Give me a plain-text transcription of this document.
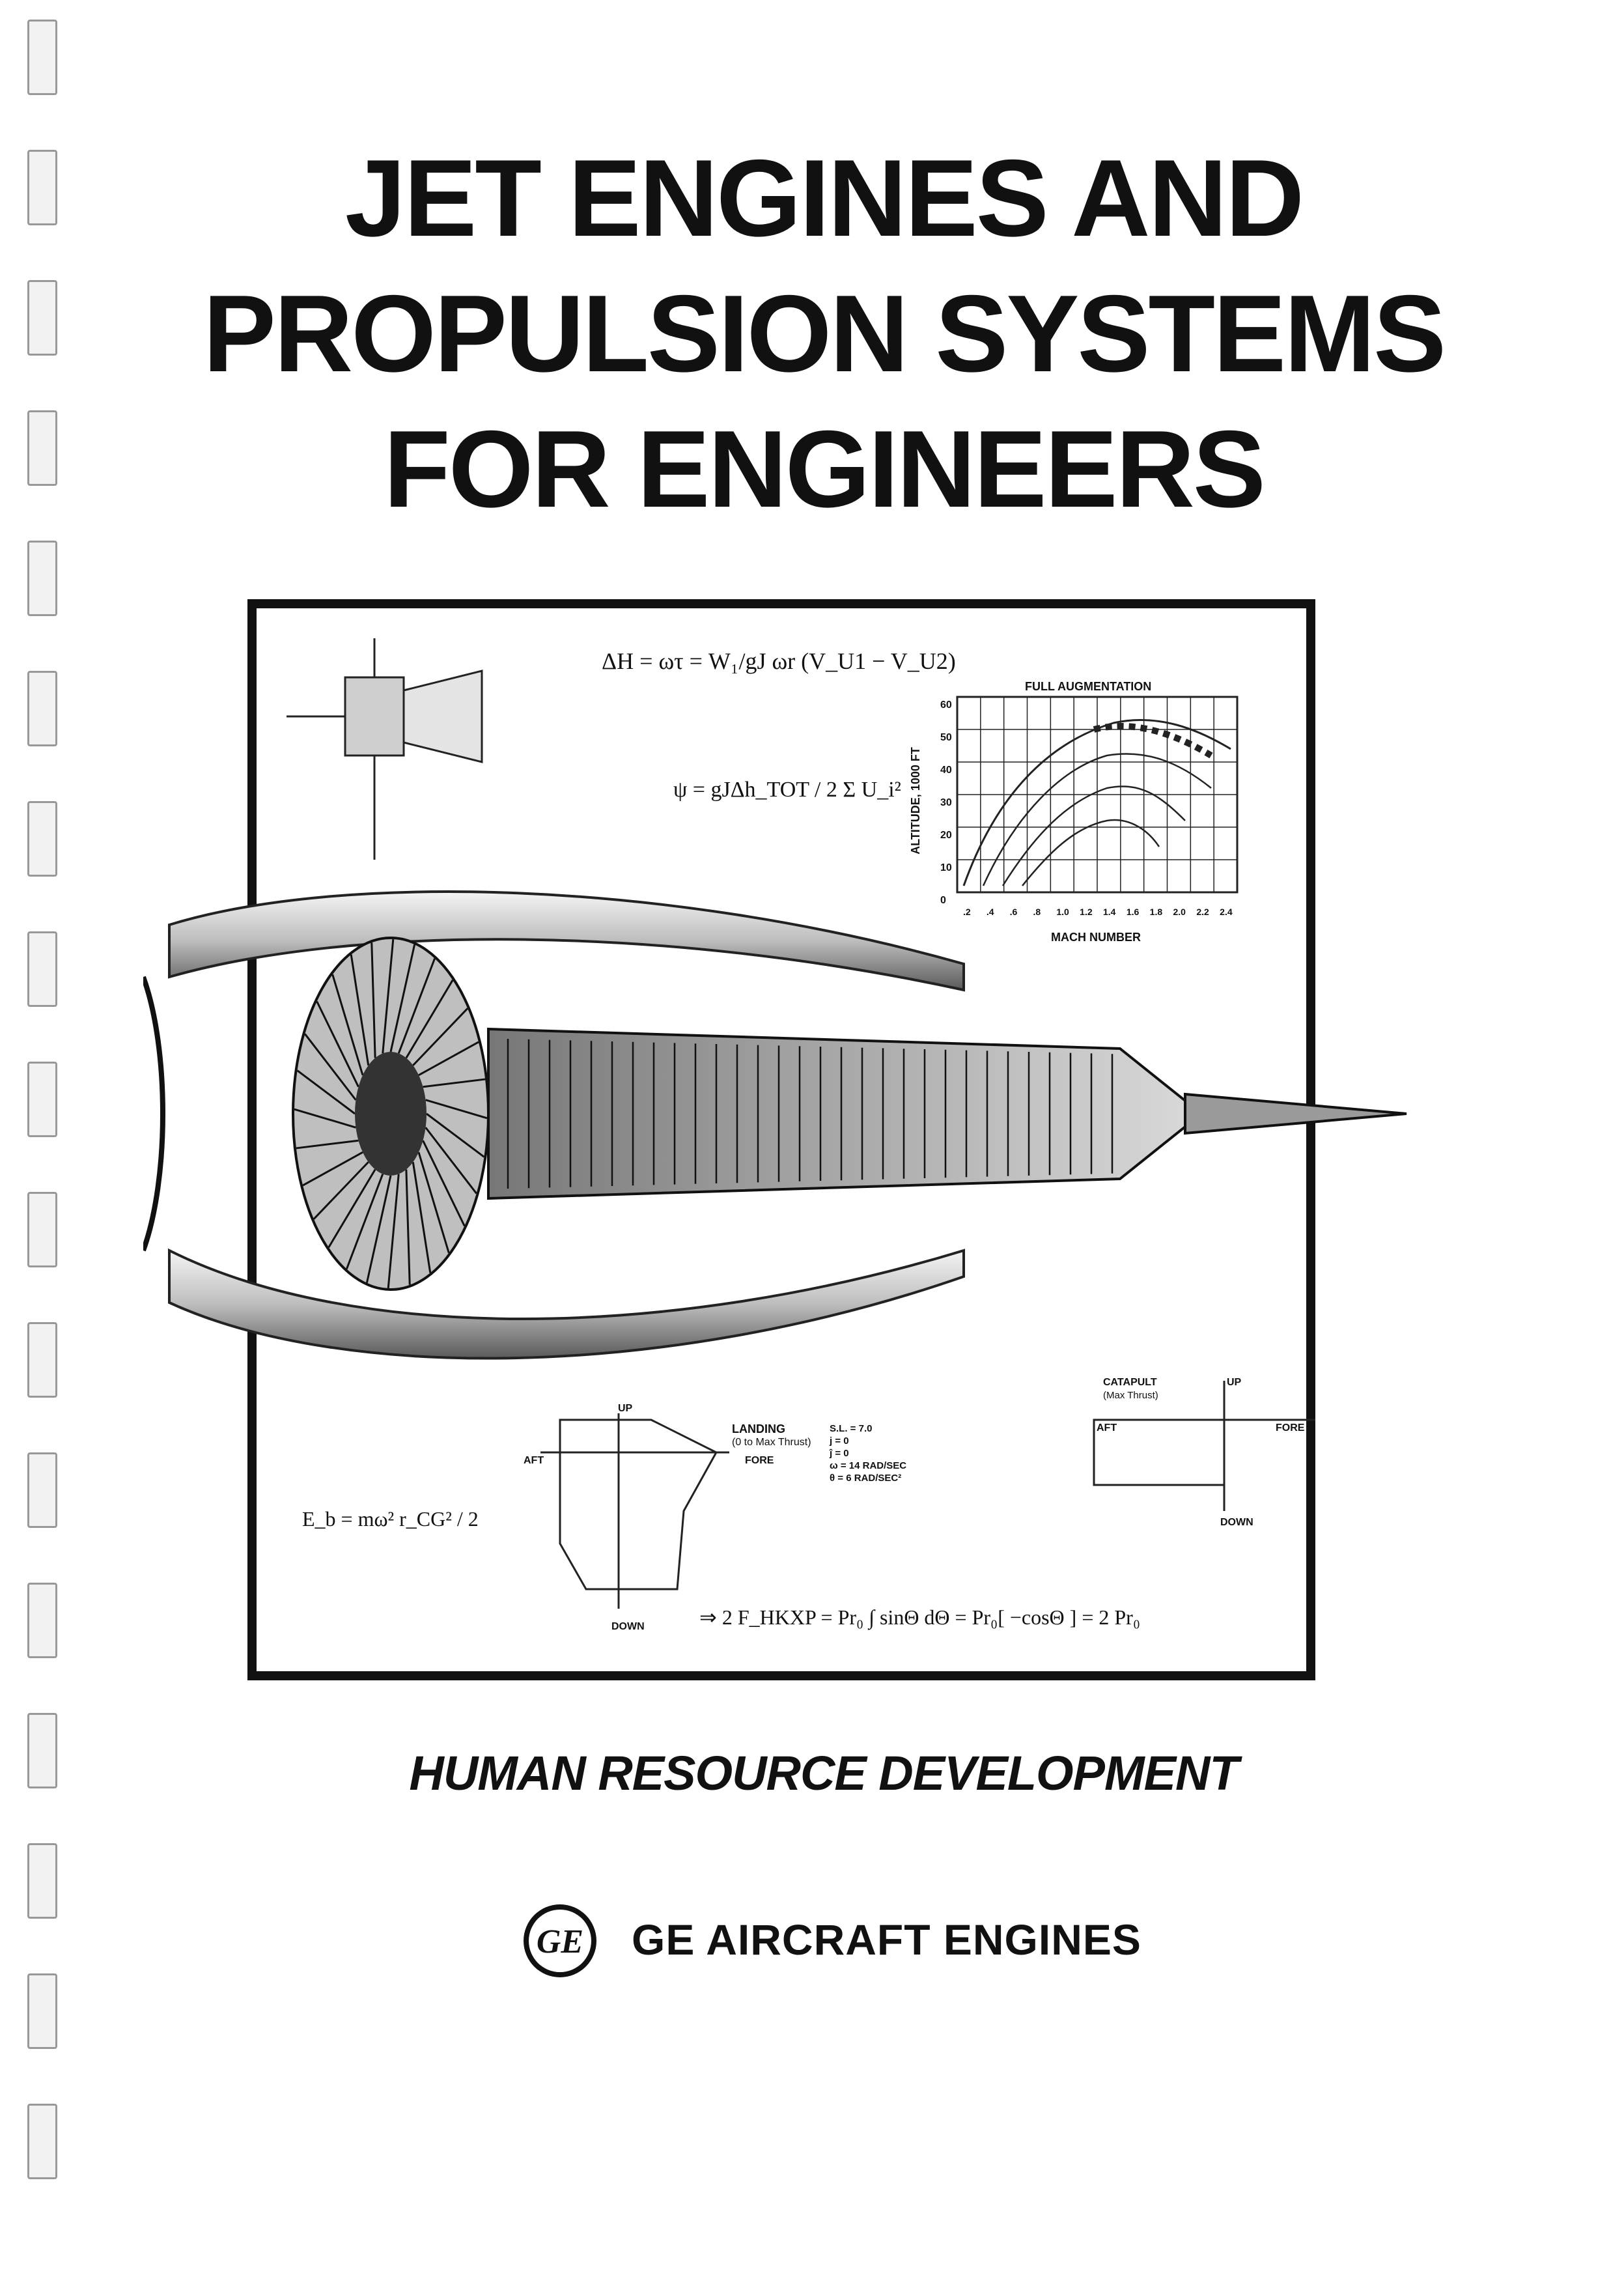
JET ENGINES AND
PROPULSION SYSTEMS
FOR ENGINEERS
ΔH = ωτ = W₁/gJ ωr (V_U1 − V_U2)
ψ = gJΔh_TOT / 2 Σ U_i²
E_b = mω² r_CG² / 2
⇒ 2 F_HKXP = Pr₀ ∫ sinΘ dΘ = Pr₀[ −cosΘ ] = 2 Pr₀
FULL AUGMENTATION
MACH NUMBER
ALTITUDE, 1000 FT
LANDING
(0 to Max Thrust)
UP
DOWN
AFT	FORE
S.L. = 7.0
j = 0
ĵ = 0
ω = 14 RAD/SEC
θ = 6 RAD/SEC²
CATAPULT
(Max Thrust)
UP
DOWN
AFT	FORE
60
50
40
30
20
10
0
.2 .4 .6 .8 1.0 1.2 1.4 1.6 1.8 2.0 2.2 2.4
HUMAN RESOURCE DEVELOPMENT
GE GE AIRCRAFT ENGINES
